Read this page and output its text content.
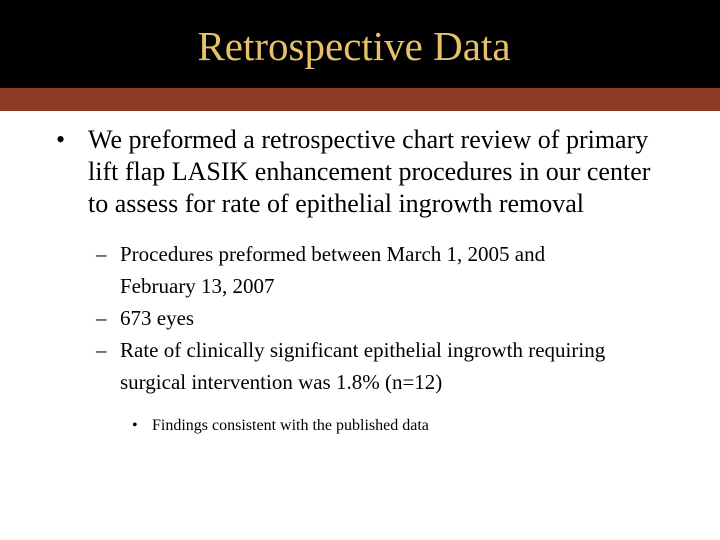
Retrospective Data
• We preformed a retrospective chart review of primary lift flap LASIK enhancement procedures in our center to assess for rate of epithelial ingrowth removal
– Procedures preformed between March 1, 2005 and February 13, 2007
– 673 eyes
– Rate of clinically significant epithelial ingrowth requiring surgical intervention was 1.8% (n=12)
• Findings consistent with the published data
